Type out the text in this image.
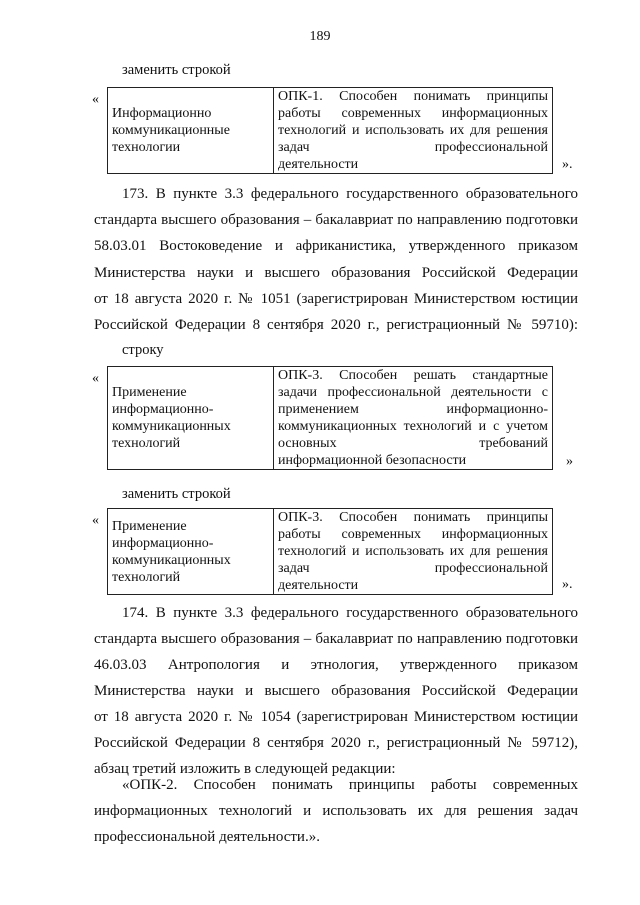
189
заменить строкой
«
Информационно
коммуникационные
технологии
	ОПК-1. Способен понимать принципы работы современных информационных технологий и использовать их для решения задач профессиональной
деятельности	».
173. В пункте 3.3 федерального государственного образовательного
стандарта высшего образования – бакалавриат по направлению подготовки
58.03.01 Востоковедение и африканистика, утвержденного приказом
Министерства науки и высшего образования Российской Федерации
от 18 августа 2020 г. № 1051 (зарегистрирован Министерством юстиции
Российской Федерации 8 сентября 2020 г., регистрационный № 59710):
строку
«
Применение
информационно-
коммуникационных
технологий
	ОПК-3. Способен решать стандартные задачи профессиональной деятельности с применением информационно-коммуникационных технологий и с учетом основных требований
информационной безопасности	»
заменить строкой
« Применение
информационно-
коммуникационных
технологий
	ОПК-3. Способен понимать принципы работы современных информационных технологий и использовать их для решения задач профессиональной
деятельности	».
174. В пункте 3.3 федерального государственного образовательного
стандарта высшего образования – бакалавриат по направлению подготовки
46.03.03 Антропология и этнология, утвержденного приказом
Министерства науки и высшего образования Российской Федерации
от 18 августа 2020 г. № 1054 (зарегистрирован Министерством юстиции
Российской Федерации 8 сентября 2020 г., регистрационный № 59712),
абзац третий изложить в следующей редакции:
«ОПК-2. Способен понимать принципы работы современных
информационных технологий и использовать их для решения задач
профессиональной деятельности.».
